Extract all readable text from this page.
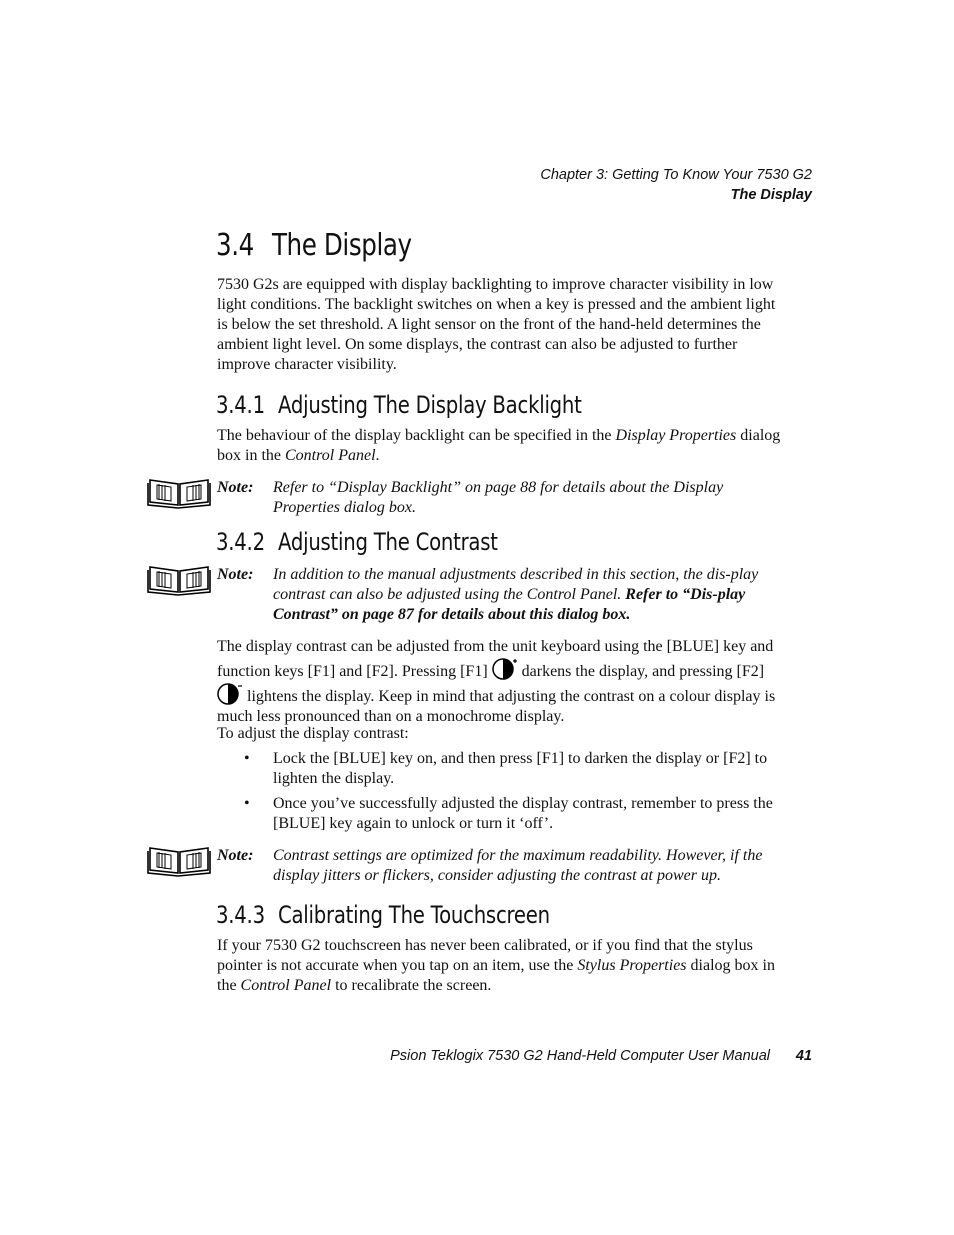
Chapter 3: Getting To Know Your 7530 G2
The Display
3.4 The Display

7530 G2s are equipped with display backlighting to improve character visibility in low light conditions. The backlight switches on when a key is pressed and the ambient light is below the set threshold. A light sensor on the front of the hand-held determines the ambient light level. On some displays, the contrast can also be adjusted to further improve character visibility.

3.4.1 Adjusting The Display Backlight

The behaviour of the display backlight can be specified in the Display Properties dialog box in the Control Panel.

Note: Refer to “Display Backlight” on page 88 for details about the Display Properties dialog box.
3.4.2 Adjusting The Contrast
Note: In addition to the manual adjustments described in this section, the dis-play contrast can also be adjusted using the Control Panel. Refer to “Dis-play Contrast” on page 87 for details about this dialog box.

The display contrast can be adjusted from the unit keyboard using the [BLUE] key and function keys [F1] and [F2]. Pressing [F1]  darkens the display, and pressing [F2]  lightens the display. Keep in mind that adjusting the contrast on a colour display is much less pronounced than on a monochrome display.

To adjust the display contrast:

• Lock the [BLUE] key on, and then press [F1] to darken the display or [F2] to lighten the display.
• Once you’ve successfully adjusted the display contrast, remember to press the [BLUE] key again to unlock or turn it ‘off’.
Note: Contrast settings are optimized for the maximum readability. However, if the display jitters or flickers, consider adjusting the contrast at power up.
3.4.3 Calibrating The Touchscreen

If your 7530 G2 touchscreen has never been calibrated, or if you find that the stylus pointer is not accurate when you tap on an item, use the Stylus Properties dialog box in the Control Panel to recalibrate the screen.

Psion Teklogix 7530 G2 Hand-Held Computer User Manual 41
